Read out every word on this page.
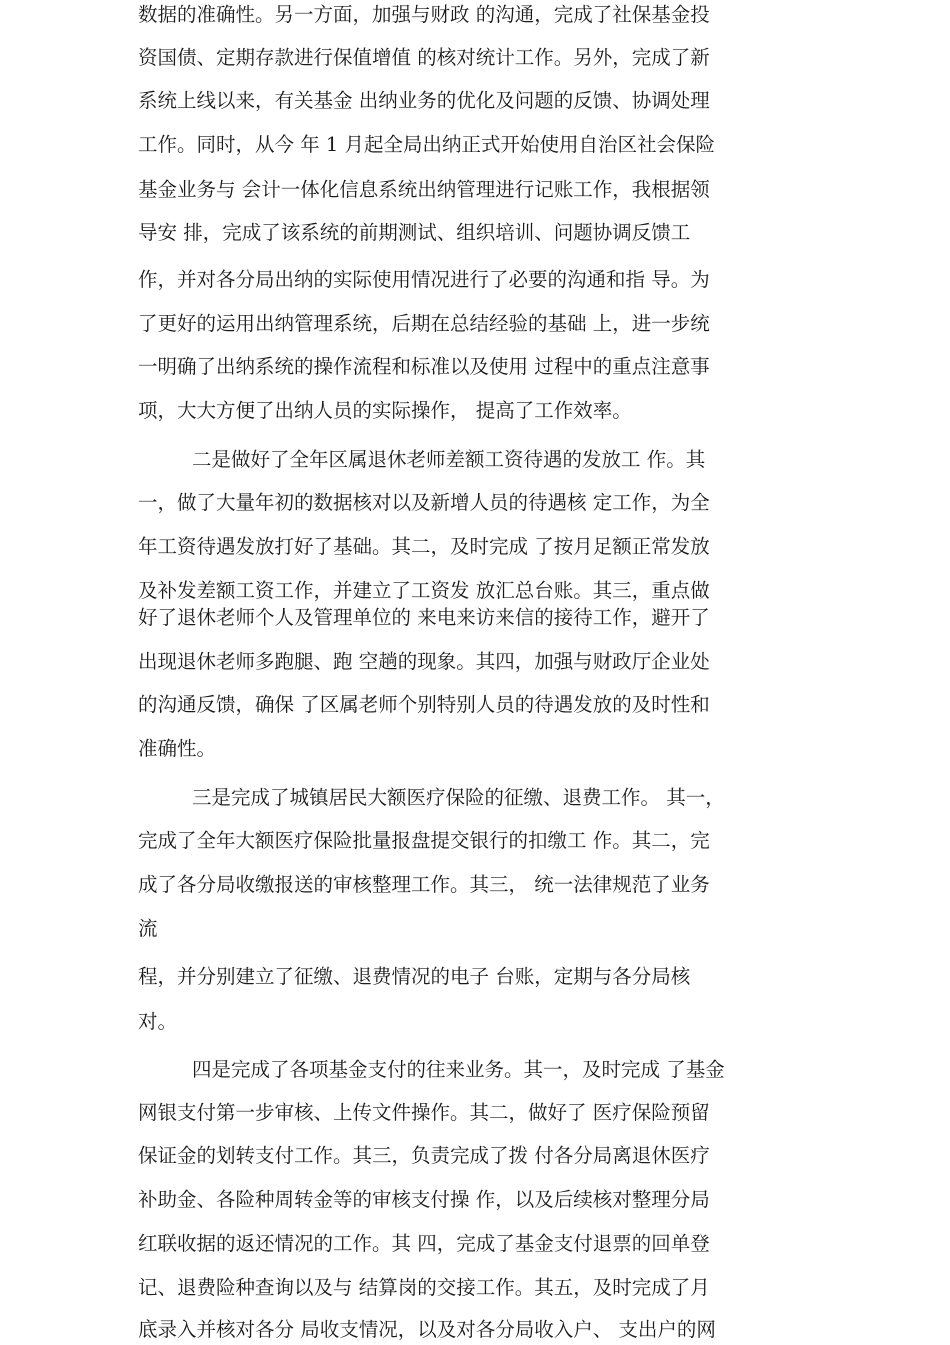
数据的准确性。另一方面，加强与财政 的沟通，完成了社保基金投
资国债、定期存款进行保值增值 的核对统计工作。另外，完成了新
系统上线以来，有关基金 出纳业务的优化及问题的反馈、协调处理
工作。同时，从今 年 1 月起全局出纳正式开始使用自治区社会保险
基金业务与 会计一体化信息系统出纳管理进行记账工作，我根据领
导安 排，完成了该系统的前期测试、组织培训、问题协调反馈工
作，并对各分局出纳的实际使用情况进行了必要的沟通和指 导。为
了更好的运用出纳管理系统，后期在总结经验的基础 上，进一步统
一明确了出纳系统的操作流程和标准以及使用 过程中的重点注意事
项，大大方便了出纳人员的实际操作， 提高了工作效率。
二是做好了全年区属退休老师差额工资待遇的发放工 作。其
一，做了大量年初的数据核对以及新增人员的待遇核 定工作，为全
年工资待遇发放打好了基础。其二，及时完成 了按月足额正常发放
及补发差额工资工作，并建立了工资发 放汇总台账。其三，重点做
好了退休老师个人及管理单位的 来电来访来信的接待工作，避开了
出现退休老师多跑腿、跑 空趟的现象。其四，加强与财政厅企业处
的沟通反馈，确保 了区属老师个别特别人员的待遇发放的及时性和
准确性。
三是完成了城镇居民大额医疗保险的征缴、退费工作。 其一，
完成了全年大额医疗保险批量报盘提交银行的扣缴工 作。其二，完
成了各分局收缴报送的审核整理工作。其三， 统一法律规范了业务
流
程，并分别建立了征缴、退费情况的电子 台账，定期与各分局核
对。
四是完成了各项基金支付的往来业务。其一，及时完成 了基金
网银支付第一步审核、上传文件操作。其二，做好了 医疗保险预留
保证金的划转支付工作。其三，负责完成了拨 付各分局离退休医疗
补助金、各险种周转金等的审核支付操 作，以及后续核对整理分局
红联收据的返还情况的工作。其 四，完成了基金支付退票的回单登
记、退费险种查询以及与 结算岗的交接工作。其五，及时完成了月
底录入并核对各分 局收支情况，以及对各分局收入户、 支出户的网
